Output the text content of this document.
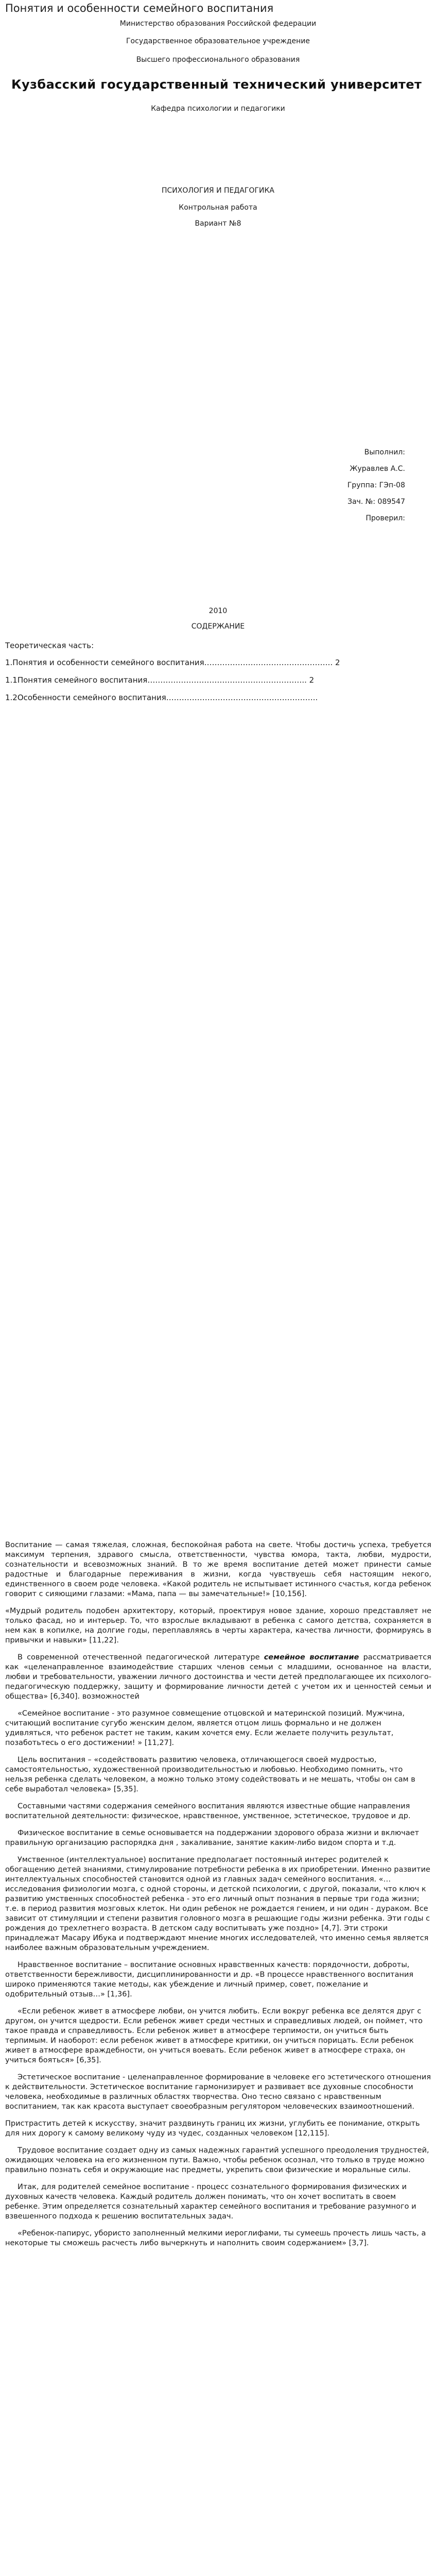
Понятия и особенности семейного воспитания
Министерство образования Российской федерации
Государственное образовательное учреждение
Высшего профессионального образования
Кузбасский государственный технический университет
Кафедра психологии и педагогики
ПСИХОЛОГИЯ И ПЕДАГОГИКА
Контрольная работа
Вариант №8
Выполнил:
Журавлев А.С.
Группа: ГЭп-08
Зач. №: 089547
Проверил:
2010
СОДЕРЖАНИЕ
Теоретическая часть:
1.Понятия и особенности семейного воспитания………………………………………….. 2
1.1Понятия семейного воспитания…………………………………………………….. 2
1.2Особенности семейного воспитания…………………………………………………..

Воспитание — самая тяжелая, сложная, беспокойная работа на свете. Чтобы достичь успеха, требуется максимум терпения, здравого смысла, ответственности, чувства юмора, такта, любви, мудрости, сознательности и всевозможных знаний. В то же время воспитание детей может принести самые радостные и благодарные переживания в жизни, когда чувствуешь себя настоящим некого, единственного в своем роде человека. «Какой родитель не испытывает истинного счастья, когда ребенок говорит с сияющими глазами: «Мама, папа — вы замечательные!» [10,156].

«Мудрый родитель подобен архитектору, который, проектируя новое здание, хорошо представляет не только фасад, но и интерьер. То, что взрослые вкладывают в ребенка с самого детства, сохраняется в нем как в копилке, на долгие годы, переплавляясь в черты характера, качества личности, формируясь в привычки и навыки» [11,22].

В современной отечественной педагогической литературе семейное воспитание рассматривается как «целенаправленное взаимодействие старших членов семьи с младшими, основанное на власти, любви и требовательности, уважении личного достоинства и чести детей предполагающее их психолого-педагогическую поддержку, защиту и формирование личности детей с учетом их и ценностей семьи и общества» [6,340]. возможностей

«Семейное воспитание - это разумное совмещение отцовской и материнской позиций. Мужчина, считающий воспитание сугубо женским делом, является отцом лишь формально и не должен удивляться, что ребенок растет не таким, каким хочется ему. Если желаете получить результат, позаботьтесь о его достижении! » [11,27].

Цель воспитания – «содействовать развитию человека, отличающегося своей мудростью, самостоятельностью, художественной производительностью и любовью. Необходимо помнить, что нельзя ребенка сделать человеком, а можно только этому содействовать и не мешать, чтобы он сам в себе выработал человека» [5,35].

Составными частями содержания семейного воспитания являются известные общие направления воспитательной деятельности: физическое, нравственное, умственное, эстетическое, трудовое и др.

Физическое воспитание в семье основывается на поддержании здорового образа жизни и включает правильную организацию распорядка дня , закаливание, занятие каким-либо видом спорта и т.д.

Умственное (интеллектуальное) воспитание предполагает постоянный интерес родителей к обогащению детей знаниями, стимулирование потребности ребенка в их приобретении. Именно развитие интеллектуальных способностей становится одной из главных задач семейного воспитания. «…исследования физиологии мозга, с одной стороны, и детской психологии, с другой, показали, что ключ к развитию умственных способностей ребенка - это его личный опыт познания в первые три года жизни; т.е. в период развития мозговых клеток. Ни один ребенок не рождается гением, и ни один - дураком. Все зависит от стимуляции и степени развития головного мозга в решающие годы жизни ребенка. Эти годы с рождения до трехлетнего возраста. В детском саду воспитывать уже поздно» [4,7]. Эти строки принадлежат Масару Ибука и подтверждают мнение многих исследователей, что именно семья является наиболее важным образовательным учреждением.

Нравственное воспитание – воспитание основных нравственных качеств: порядочности, доброты, ответственности бережливости, дисциплинированности и др. «В процессе нравственного воспитания широко применяются такие методы, как убеждение и личный пример, совет, пожелание и одобрительный отзыв…» [1,36].

«Если ребенок живет в атмосфере любви, он учится любить. Если вокруг ребенка все делятся друг с другом, он учится щедрости. Если ребенок живет среди честных и справедливых людей, он поймет, что такое правда и справедливость. Если ребенок живет в атмосфере терпимости, он учиться быть терпимым. И наоборот: если ребенок живет в атмосфере критики, он учиться порицать. Если ребенок живет в атмосфере враждебности, он учиться воевать. Если ребенок живет в атмосфере страха, он учиться бояться» [6,35].

Эстетическое воспитание - целенаправленное формирование в человеке его эстетического отношения к действительности. Эстетическое воспитание гармонизирует и развивает все духовные способности человека, необходимые в различных областях творчества. Оно тесно связано с нравственным воспитанием, так как красота выступает своеобразным регулятором человеческих взаимоотношений.

Пристрастить детей к искусству, значит раздвинуть границ их жизни, углубить ее понимание, открыть для них дорогу к самому великому чуду из чудес, созданных человеком [12,115].

Трудовое воспитание создает одну из самых надежных гарантий успешного преодоления трудностей, ожидающих человека на его жизненном пути. Важно, чтобы ребенок осознал, что только в труде можно правильно познать себя и окружающие нас предметы, укрепить свои физические и моральные силы.

Итак, для родителей семейное воспитание - процесс сознательного формирования физических и духовных качеств человека. Каждый родитель должен понимать, что он хочет воспитать в своем ребенке. Этим определяется сознательный характер семейного воспитания и требование разумного и взвешенного подхода к решению воспитательных задач.

«Ребенок-папирус, убористо заполненный мелкими иероглифами, ты сумеешь прочесть лишь часть, а некоторые ты сможешь расчесть либо вычеркнуть и наполнить своим содержанием» [3,7].
